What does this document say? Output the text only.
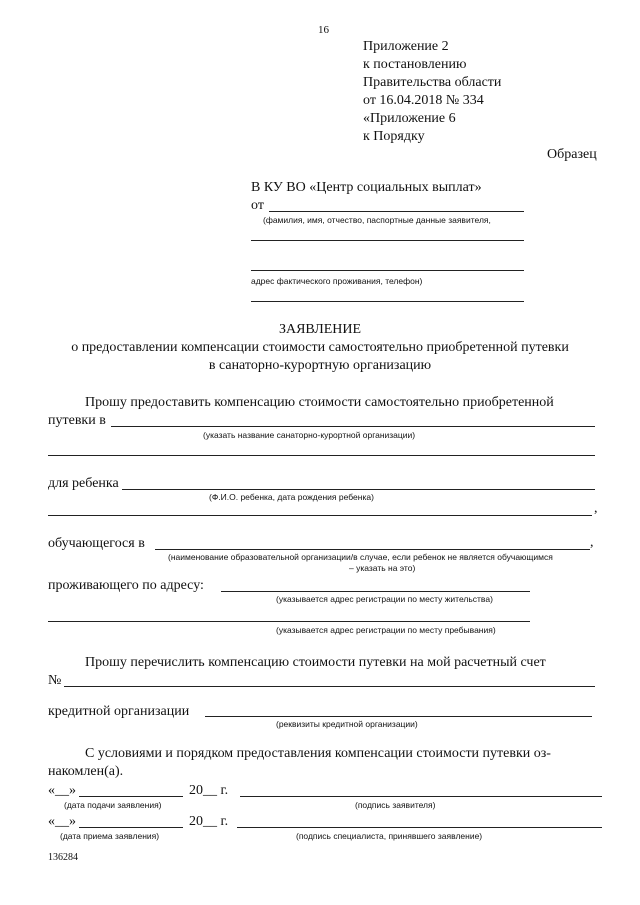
16
Приложение 2
к постановлению
Правительства области
от 16.04.2018 № 334
«Приложение 6
к Порядку
Образец
В КУ ВО «Центр социальных выплат»
от
(фамилия, имя, отчество, паспортные данные заявителя,
адрес фактического проживания, телефон)
ЗАЯВЛЕНИЕ
о предоставлении компенсации стоимости самостоятельно приобретенной путевки
в санаторно-курортную организацию
Прошу предоставить компенсацию стоимости самостоятельно приобретенной
путевки в
(указать название санаторно-курортной организации)
для ребенка
(Ф.И.О. ребенка, дата рождения ребенка)
,
обучающегося в	,
(наименование образовательной организации/в случае, если ребенок не является обучающимся
– указать на это)
проживающего по адресу:
(указывается адрес регистрации по месту жительства)
(указывается адрес регистрации по месту пребывания)
Прошу перечислить компенсацию стоимости путевки на мой расчетный счет
№
кредитной организации
(реквизиты кредитной организации)
С условиями и порядком предоставления компенсации стоимости путевки оз-
накомлен(а).
«__»	20__ г.
(дата подачи заявления)	(подпись заявителя)
«__»	20__ г.
(дата приема заявления)	(подпись специалиста, принявшего заявление)
136284
